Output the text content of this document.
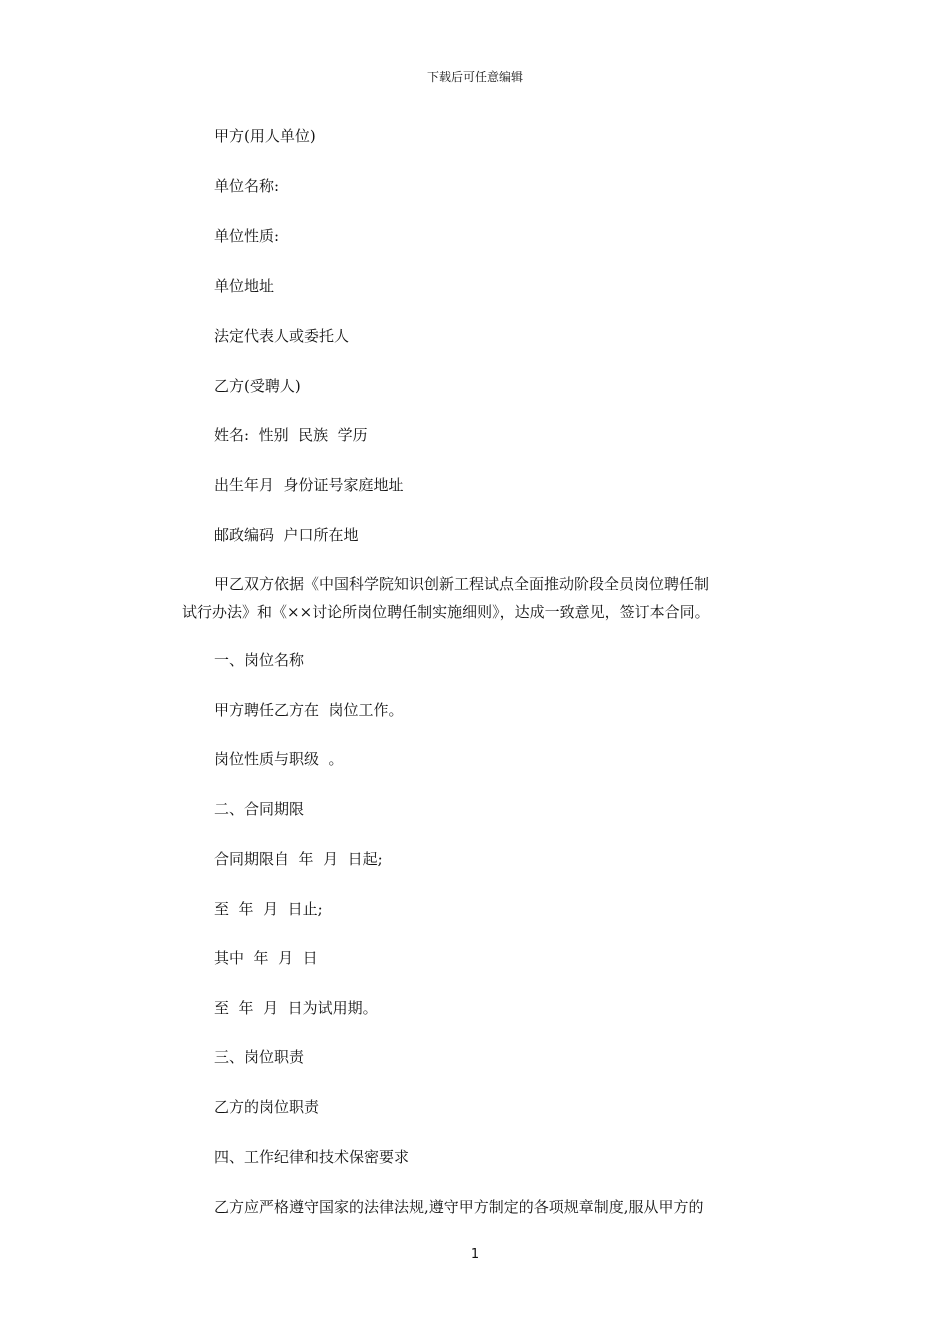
下载后可任意编辑
甲方(用人单位)
单位名称:
单位性质:
单位地址
法定代表人或委托人
乙方(受聘人)
姓名:  性别  民族  学历
出生年月  身份证号家庭地址
邮政编码  户口所在地
甲乙双方依据《中国科学院知识创新工程试点全面推动阶段全员岗位聘任制
试行办法》和《××讨论所岗位聘任制实施细则》，达成一致意见，签订本合同。
一、岗位名称
甲方聘任乙方在  岗位工作。
岗位性质与职级  。
二、合同期限
合同期限自  年  月  日起;
至  年  月  日止;
其中  年  月  日
至  年  月  日为试用期。
三、岗位职责
乙方的岗位职责
四、工作纪律和技术保密要求
乙方应严格遵守国家的法律法规,遵守甲方制定的各项规章制度,服从甲方的
1
